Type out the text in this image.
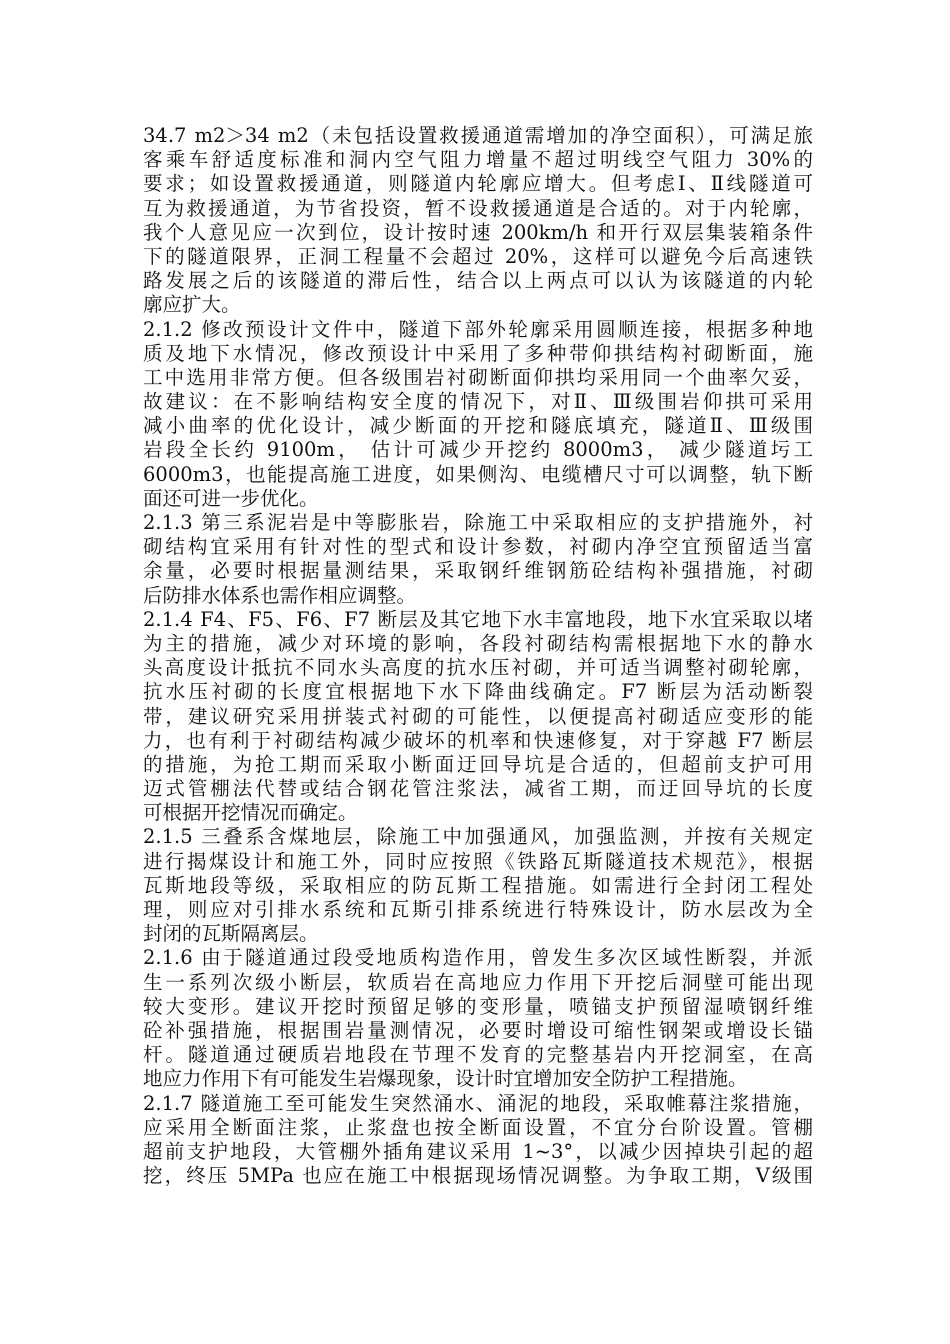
34.7 m2＞34 m2（未包括设置救援通道需增加的净空面积），可满足旅
客乘车舒适度标准和洞内空气阻力增量不超过明线空气阻力 30%的
要求；如设置救援通道，则隧道内轮廓应增大。但考虑Ⅰ、Ⅱ线隧道可
互为救援通道，为节省投资，暂不设救援通道是合适的。对于内轮廓，
我个人意见应一次到位，设计按时速 200km/h 和开行双层集装箱条件
下的隧道限界，正洞工程量不会超过 20%，这样可以避免今后高速铁
路发展之后的该隧道的滞后性，结合以上两点可以认为该隧道的内轮
廓应扩大。
2.1.2 修改预设计文件中，隧道下部外轮廓采用圆顺连接，根据多种地
质及地下水情况，修改预设计中采用了多种带仰拱结构衬砌断面，施
工中选用非常方便。但各级围岩衬砌断面仰拱均采用同一个曲率欠妥，
故建议：在不影响结构安全度的情况下，对Ⅱ、Ⅲ级围岩仰拱可采用
减小曲率的优化设计，减少断面的开挖和隧底填充，隧道Ⅱ、Ⅲ级围
岩段全长约 9100m， 估计可减少开挖约 8000m3， 减少隧道圬工
6000m3，也能提高施工进度，如果侧沟、电缆槽尺寸可以调整，轨下断
面还可进一步优化。
2.1.3 第三系泥岩是中等膨胀岩，除施工中采取相应的支护措施外，衬
砌结构宜采用有针对性的型式和设计参数，衬砌内净空宜预留适当富
余量，必要时根据量测结果，采取钢纤维钢筋砼结构补强措施，衬砌
后防排水体系也需作相应调整。
2.1.4 F4、F5、F6、F7 断层及其它地下水丰富地段，地下水宜采取以堵
为主的措施，减少对环境的影响，各段衬砌结构需根据地下水的静水
头高度设计抵抗不同水头高度的抗水压衬砌，并可适当调整衬砌轮廓，
抗水压衬砌的长度宜根据地下水下降曲线确定。F7 断层为活动断裂
带，建议研究采用拼装式衬砌的可能性，以便提高衬砌适应变形的能
力，也有利于衬砌结构减少破坏的机率和快速修复，对于穿越 F7 断层
的措施，为抢工期而采取小断面迂回导坑是合适的，但超前支护可用
迈式管棚法代替或结合钢花管注浆法，减省工期，而迂回导坑的长度
可根据开挖情况而确定。
2.1.5 三叠系含煤地层，除施工中加强通风，加强监测，并按有关规定
进行揭煤设计和施工外，同时应按照《铁路瓦斯隧道技术规范》，根据
瓦斯地段等级，采取相应的防瓦斯工程措施。如需进行全封闭工程处
理，则应对引排水系统和瓦斯引排系统进行特殊设计，防水层改为全
封闭的瓦斯隔离层。
2.1.6 由于隧道通过段受地质构造作用，曾发生多次区域性断裂，并派
生一系列次级小断层，软质岩在高地应力作用下开挖后洞壁可能出现
较大变形。建议开挖时预留足够的变形量，喷锚支护预留湿喷钢纤维
砼补强措施，根据围岩量测情况，必要时增设可缩性钢架或增设长锚
杆。隧道通过硬质岩地段在节理不发育的完整基岩内开挖洞室，在高
地应力作用下有可能发生岩爆现象，设计时宜增加安全防护工程措施。
2.1.7 隧道施工至可能发生突然涌水、涌泥的地段，采取帷幕注浆措施，
应采用全断面注浆，止浆盘也按全断面设置，不宜分台阶设置。管棚
超前支护地段，大管棚外插角建议采用 1~3°，以减少因掉块引起的超
挖，终压 5MPa 也应在施工中根据现场情况调整。为争取工期，Ⅴ级围
